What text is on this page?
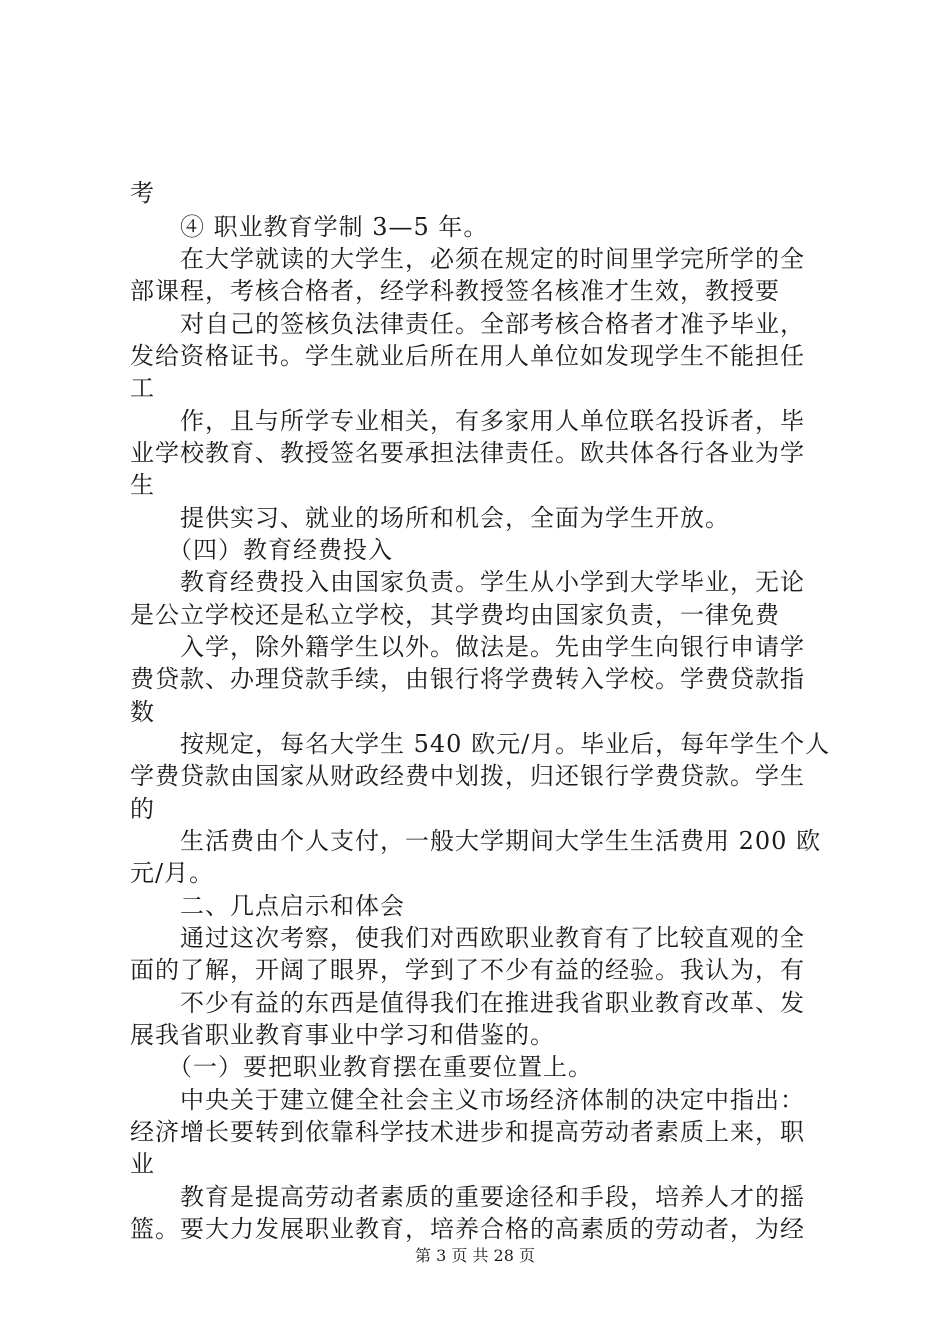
考
④ 职业教育学制 3—5 年。
在大学就读的大学生，必须在规定的时间里学完所学的全
部课程，考核合格者，经学科教授签名核准才生效，教授要
对自己的签核负法律责任。全部考核合格者才准予毕业，
发给资格证书。学生就业后所在用人单位如发现学生不能担任
工
作，且与所学专业相关，有多家用人单位联名投诉者，毕
业学校教育、教授签名要承担法律责任。欧共体各行各业为学
生
提供实习、就业的场所和机会，全面为学生开放。
（四）教育经费投入
教育经费投入由国家负责。学生从小学到大学毕业，无论
是公立学校还是私立学校，其学费均由国家负责，一律免费
入学，除外籍学生以外。做法是。先由学生向银行申请学
费贷款、办理贷款手续，由银行将学费转入学校。学费贷款指
数
按规定，每名大学生 540 欧元/月。毕业后，每年学生个人
学费贷款由国家从财政经费中划拨，归还银行学费贷款。学生
的
生活费由个人支付，一般大学期间大学生生活费用 200 欧
元/月。
二、几点启示和体会
通过这次考察，使我们对西欧职业教育有了比较直观的全
面的了解，开阔了眼界，学到了不少有益的经验。我认为，有
不少有益的东西是值得我们在推进我省职业教育改革、发
展我省职业教育事业中学习和借鉴的。
（一）要把职业教育摆在重要位置上。
中央关于建立健全社会主义市场经济体制的决定中指出：
经济增长要转到依靠科学技术进步和提高劳动者素质上来，职
业
教育是提高劳动者素质的重要途径和手段，培养人才的摇
篮。要大力发展职业教育，培养合格的高素质的劳动者，为经
第 3 页 共 28 页
